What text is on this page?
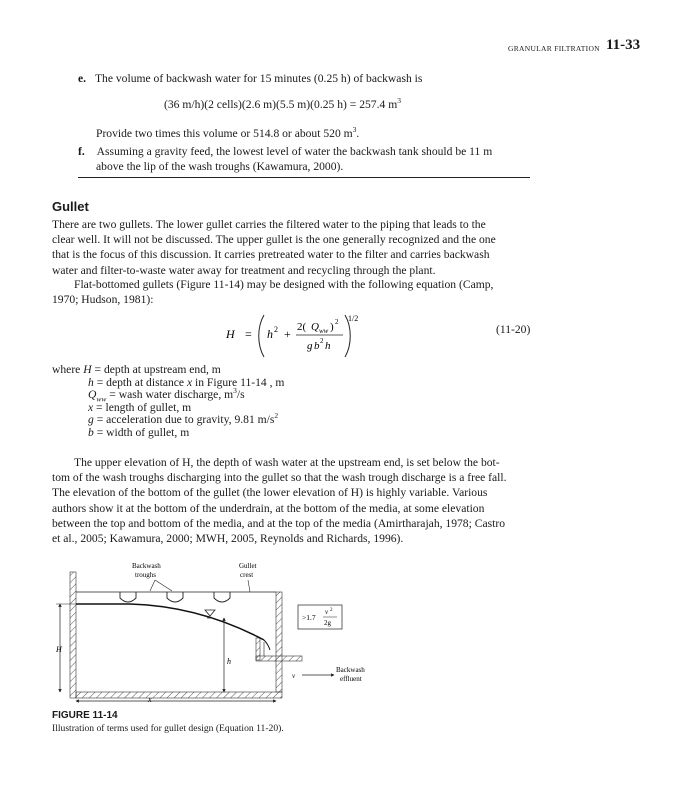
GRANULAR FILTRATION 11-33
e. The volume of backwash water for 15 minutes (0.25 h) of backwash is
(36 m/h)(2 cells)(2.6 m)(5.5 m)(0.25 h) = 257.4 $m^3$
Provide two times this volume or 514.8 or about 520 $m^3$.
f. Assuming a gravity feed, the lowest level of water the backwash tank should be 11 m
above the lip of the wash troughs (Kawamura, 2000).
Gullet
There are two gullets. The lower gullet carries the filtered water to the piping that leads to the
clear well. It will not be discussed. The upper gullet is the one generally recognized and the one
that is the focus of this discussion. It carries pretreated water to the filter and carries backwash
water and filter-to-waste water away for treatment and recycling through the plant.
Flat-bottomed gullets (Figure 11-14) may be designed with the following equation (Camp,
1970; Hudson, 1981):
H = h 2 + 2( Q ww ) 2
g b 2 h
1/2
(11-20)
where H = depth at upstream end, m
h = depth at distance x in Figure 11-14 , m
$Q_{ww}$ = wash water discharge, $m^3/s$
x = length of gullet, m
g = acceleration due to gravity, 9.81 $m/s^2$
b = width of gullet, m
The upper elevation of H, the depth of wash water at the upstream end, is set below the bot-
tom of the wash troughs discharging into the gullet so that the wash trough discharge is a free fall.
The elevation of the bottom of the gullet (the lower elevation of H) is highly variable. Various
authors show it at the bottom of the underdrain, at the bottom of the media, at some elevation
between the top and bottom of the media, and at the top of the media (Amirtharajah, 1978; Castro
et al., 2005; Kawamura, 2000; MWH, 2005, Reynolds and Richards, 1996).
Backwash
troughs
Gullet
crest
H
h
x
>1.7
v 2
2g
v
Backwash
effluent
FIGURE 11-14
Illustration of terms used for gullet design (Equation 11-20).
